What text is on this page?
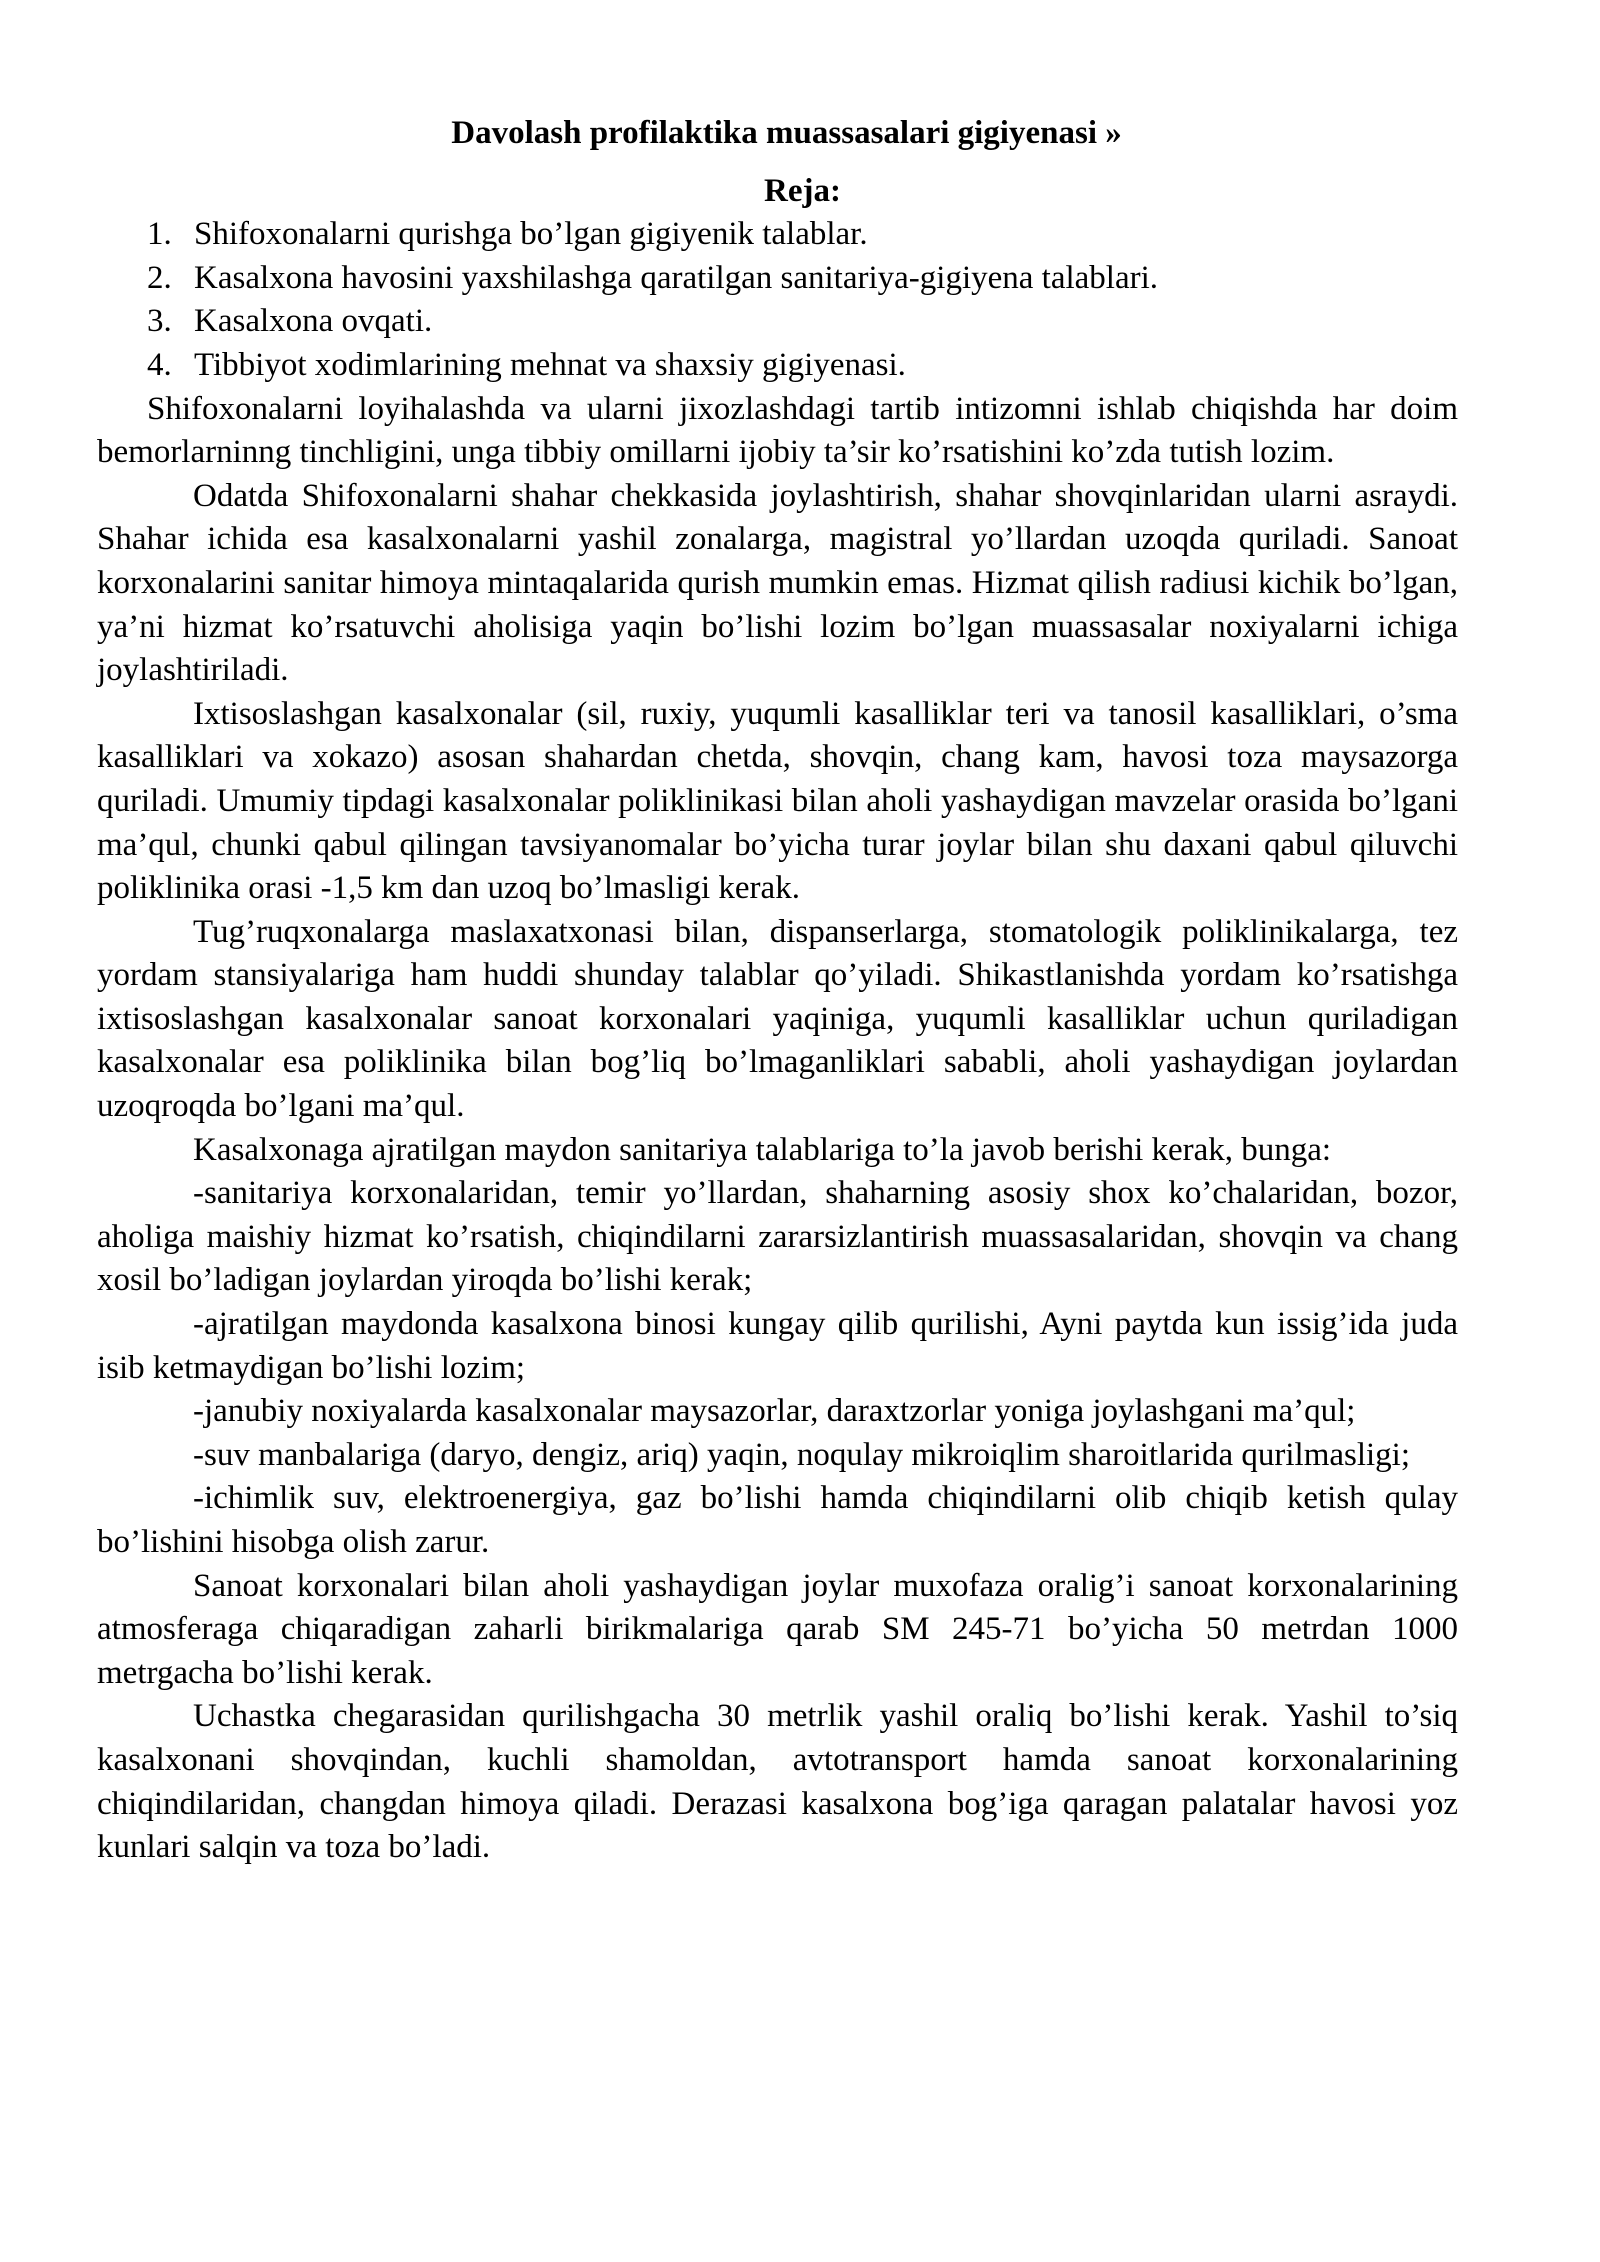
Davolash profilaktika muassasalari gigiyenasi »
Reja:
1. Shifoxonalarni qurishga bo’lgan gigiyenik talablar.
2. Kasalxona havosini yaxshilashga qaratilgan sanitariya-gigiyena talablari.
3. Kasalxona ovqati.
4. Tibbiyot xodimlarining mehnat va shaxsiy gigiyenasi.

Shifoxonalarni loyihalashda va ularni jixozlashdagi tartib intizomni ishlab chiqishda har doim bemorlarninng tinchligini, unga tibbiy omillarni ijobiy ta’sir ko’rsatishini ko’zda tutish lozim.

Odatda Shifoxonalarni shahar chekkasida joylashtirish, shahar shovqinlaridan ularni asraydi. Shahar ichida esa kasalxonalarni yashil zonalarga, magistral yo’llardan uzoqda quriladi. Sanoat korxonalarini sanitar himoya mintaqalarida qurish mumkin emas. Hizmat qilish radiusi kichik bo’lgan, ya’ni hizmat ko’rsatuvchi aholisiga yaqin bo’lishi lozim bo’lgan muassasalar noxiyalarni ichiga joylashtiriladi.

Ixtisoslashgan kasalxonalar (sil, ruxiy, yuqumli kasalliklar teri va tanosil kasalliklari, o’sma kasalliklari va xokazo) asosan shahardan chetda, shovqin, chang kam, havosi toza maysazorga quriladi. Umumiy tipdagi kasalxonalar poliklinikasi bilan aholi yashaydigan mavzelar orasida bo’lgani ma’qul, chunki qabul qilingan tavsiyanomalar bo’yicha turar joylar bilan shu daxani qabul qiluvchi poliklinika orasi -1,5 km dan uzoq bo’lmasligi kerak.

Tug’ruqxonalarga maslaxatxonasi bilan, dispanserlarga, stomatologik poliklinikalarga, tez yordam stansiyalariga ham huddi shunday talablar qo’yiladi. Shikastlanishda yordam ko’rsatishga ixtisoslashgan kasalxonalar sanoat korxonalari yaqiniga, yuqumli kasalliklar uchun quriladigan kasalxonalar esa poliklinika bilan bog’liq bo’lmaganliklari sababli, aholi yashaydigan joylardan uzoqroqda bo’lgani ma’qul.

Kasalxonaga ajratilgan maydon sanitariya talablariga to’la javob berishi kerak, bunga:

-sanitariya korxonalaridan, temir yo’llardan, shaharning asosiy shox ko’chalaridan, bozor, aholiga maishiy hizmat ko’rsatish, chiqindilarni zararsizlantirish muassasalaridan, shovqin va chang xosil bo’ladigan joylardan yiroqda bo’lishi kerak;

-ajratilgan maydonda kasalxona binosi kungay qilib qurilishi, Ayni paytda kun issig’ida juda isib ketmaydigan bo’lishi lozim;

-janubiy noxiyalarda kasalxonalar maysazorlar, daraxtzorlar yoniga joylashgani ma’qul;

-suv manbalariga (daryo, dengiz, ariq) yaqin, noqulay mikroiqlim sharoitlarida qurilmasligi;

-ichimlik suv, elektroenergiya, gaz bo’lishi hamda chiqindilarni olib chiqib ketish qulay bo’lishini hisobga olish zarur.

Sanoat korxonalari bilan aholi yashaydigan joylar muxofaza oralig’i sanoat korxonalarining atmosferaga chiqaradigan zaharli birikmalariga qarab SM 245-71 bo’yicha 50 metrdan 1000 metrgacha bo’lishi kerak.

Uchastka chegarasidan qurilishgacha 30 metrlik yashil oraliq bo’lishi kerak. Yashil to’siq kasalxonani shovqindan, kuchli shamoldan, avtotransport hamda sanoat korxonalarining chiqindilaridan, changdan himoya qiladi. Derazasi kasalxona bog’iga qaragan palatalar havosi yoz kunlari salqin va toza bo’ladi.
